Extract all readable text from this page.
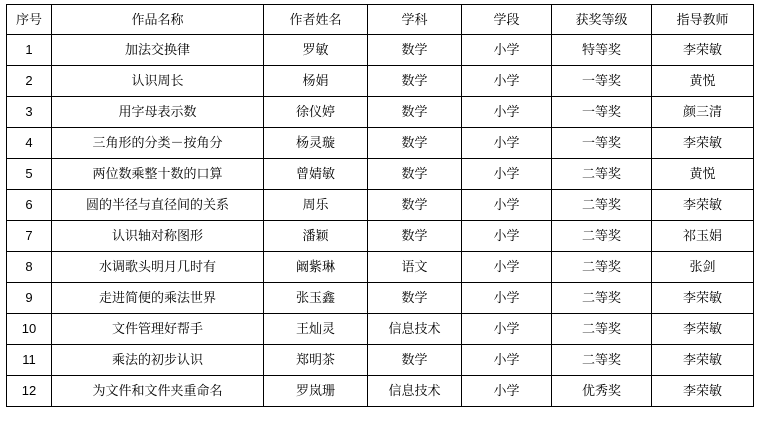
序号	作品名称	作者姓名	学科	学段	获奖等级	指导教师
1	加法交换律	罗敏	数学	小学	特等奖	李荣敏
2	认识周长	杨娟	数学	小学	一等奖	黄悦
3	用字母表示数	徐仪婷	数学	小学	一等奖	颜三清
4	三角形的分类－按角分	杨灵璇	数学	小学	一等奖	李荣敏
5	两位数乘整十数的口算	曾婧敏	数学	小学	二等奖	黄悦
6	圆的半径与直径间的关系	周乐	数学	小学	二等奖	李荣敏
7	认识轴对称图形	潘颖	数学	小学	二等奖	祁玉娟
8	水调歌头明月几时有	阚紫琳	语文	小学	二等奖	张剑
9	走进简便的乘法世界	张玉鑫	数学	小学	二等奖	李荣敏
10	文件管理好帮手	王灿灵	信息技术	小学	二等奖	李荣敏
11	乘法的初步认识	郑明茶	数学	小学	二等奖	李荣敏
12	为文件和文件夹重命名	罗岚珊	信息技术	小学	优秀奖	李荣敏
